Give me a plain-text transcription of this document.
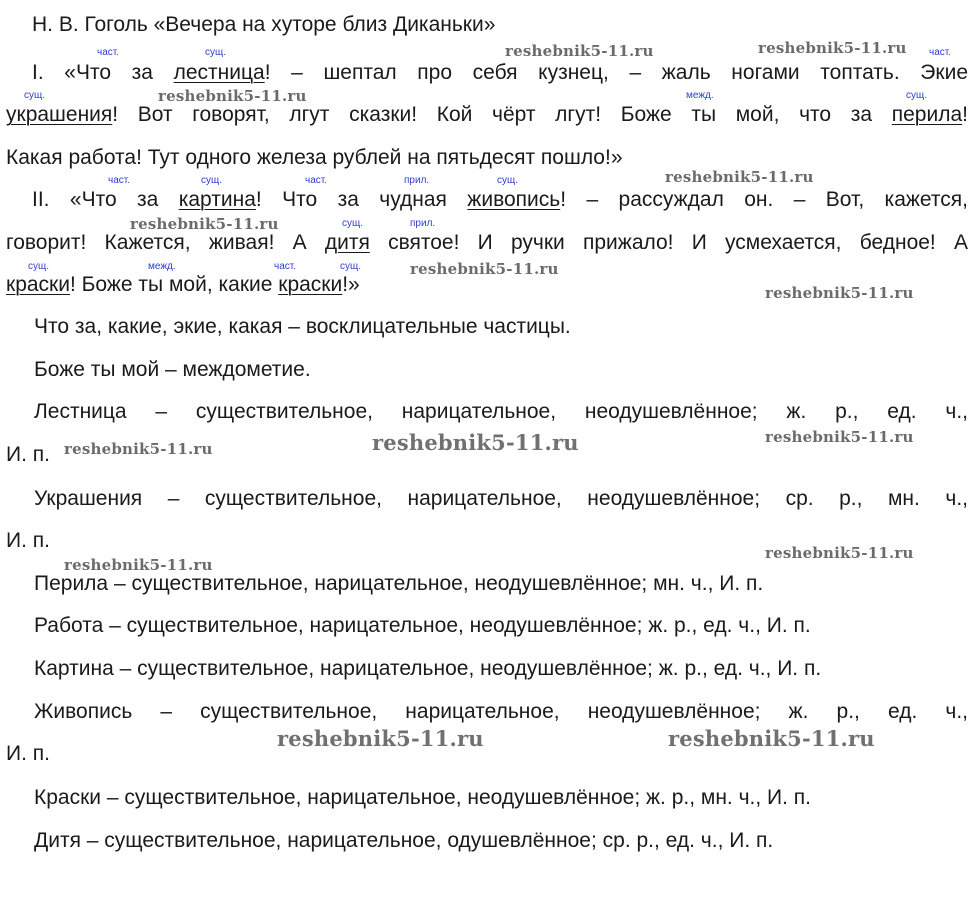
Н. В. Гоголь «Вечера на хуторе близ Диканьки»
I. «Что за лестница! – шептал про себя кузнец, – жаль ногами топтать. Экие
украшения! Вот говорят, лгут сказки! Кой чёрт лгут! Боже ты мой, что за перила!
Какая работа! Тут одного железа рублей на пятьдесят пошло!»
II. «Что за картина! Что за чудная живопись! – рассуждал он. – Вот, кажется,
говорит! Кажется, живая! А дитя святое! И ручки прижало! И усмехается, бедное! А
краски! Боже ты мой, какие краски!»
част.	сущ.	част.
сущ.	межд.	сущ.
част.	сущ.	част.	прил.	сущ.
сущ.	прил.
сущ.	межд.	част.	сущ.
Что за, какие, экие, какая – восклицательные частицы.
Боже ты мой – междометие.
Лестница – существительное, нарицательное, неодушевлённое; ж. р., ед. ч.,
И. п.
Украшения – существительное, нарицательное, неодушевлённое; ср. р., мн. ч.,
И. п.
Перила – существительное, нарицательное, неодушевлённое; мн. ч., И. п.
Работа – существительное, нарицательное, неодушевлённое; ж. р., ед. ч., И. п.
Картина – существительное, нарицательное, неодушевлённое; ж. р., ед. ч., И. п.
Живопись – существительное, нарицательное, неодушевлённое; ж. р., ед. ч.,
И. п.
Краски – существительное, нарицательное, неодушевлённое; ж. р., мн. ч., И. п.
Дитя – существительное, нарицательное, одушевлённое; ср. р., ед. ч., И. п.
reshebnik5-11.ru	reshebnik5-11.ru
reshebnik5-11.ru
reshebnik5-11.ru
reshebnik5-11.ru
reshebnik5-11.ru
reshebnik5-11.ru
reshebnik5-11.ru	reshebnik5-11.ru	reshebnik5-11.ru
reshebnik5-11.ru
reshebnik5-11.ru
reshebnik5-11.ru	reshebnik5-11.ru
